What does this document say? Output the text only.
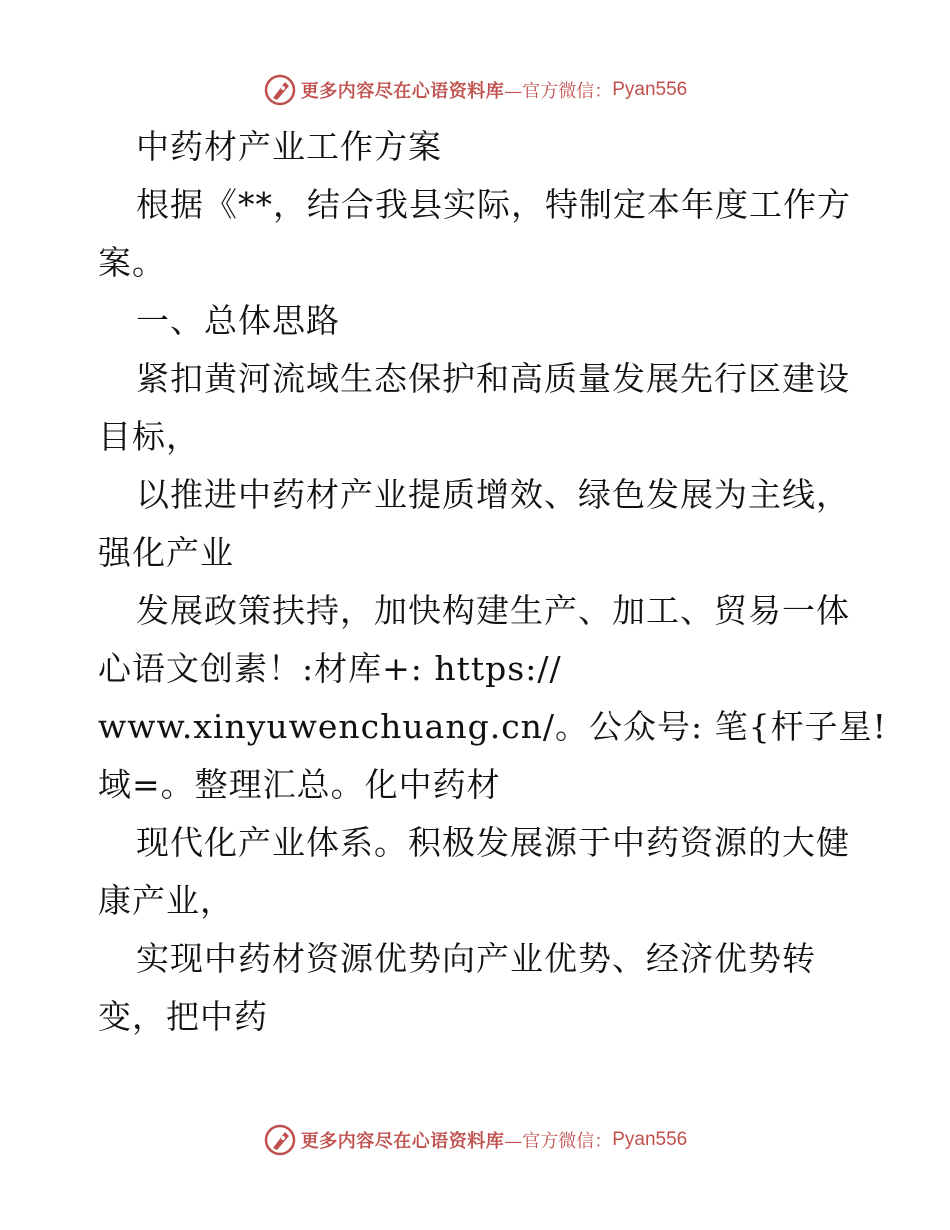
更多内容尽在心语资料库 —官方微信： Pyan556
中药材产业工作方案
根据《**，结合我县实际，特制定本年度工作方
案。
一、总体思路
紧扣黄河流域生态保护和高质量发展先行区建设
目标，
以推进中药材产业提质增效、绿色发展为主线，
强化产业
发展政策扶持，加快构建生产、加工、贸易一体
心语文创素！:材库+: https://
www.xinyuwenchuang.cn/。公众号: 笔{杆子星!
域=。整理汇总。化中药材
现代化产业体系。积极发展源于中药资源的大健
康产业，
实现中药材资源优势向产业优势、经济优势转
变，把中药
更多内容尽在心语资料库 —官方微信： Pyan556
